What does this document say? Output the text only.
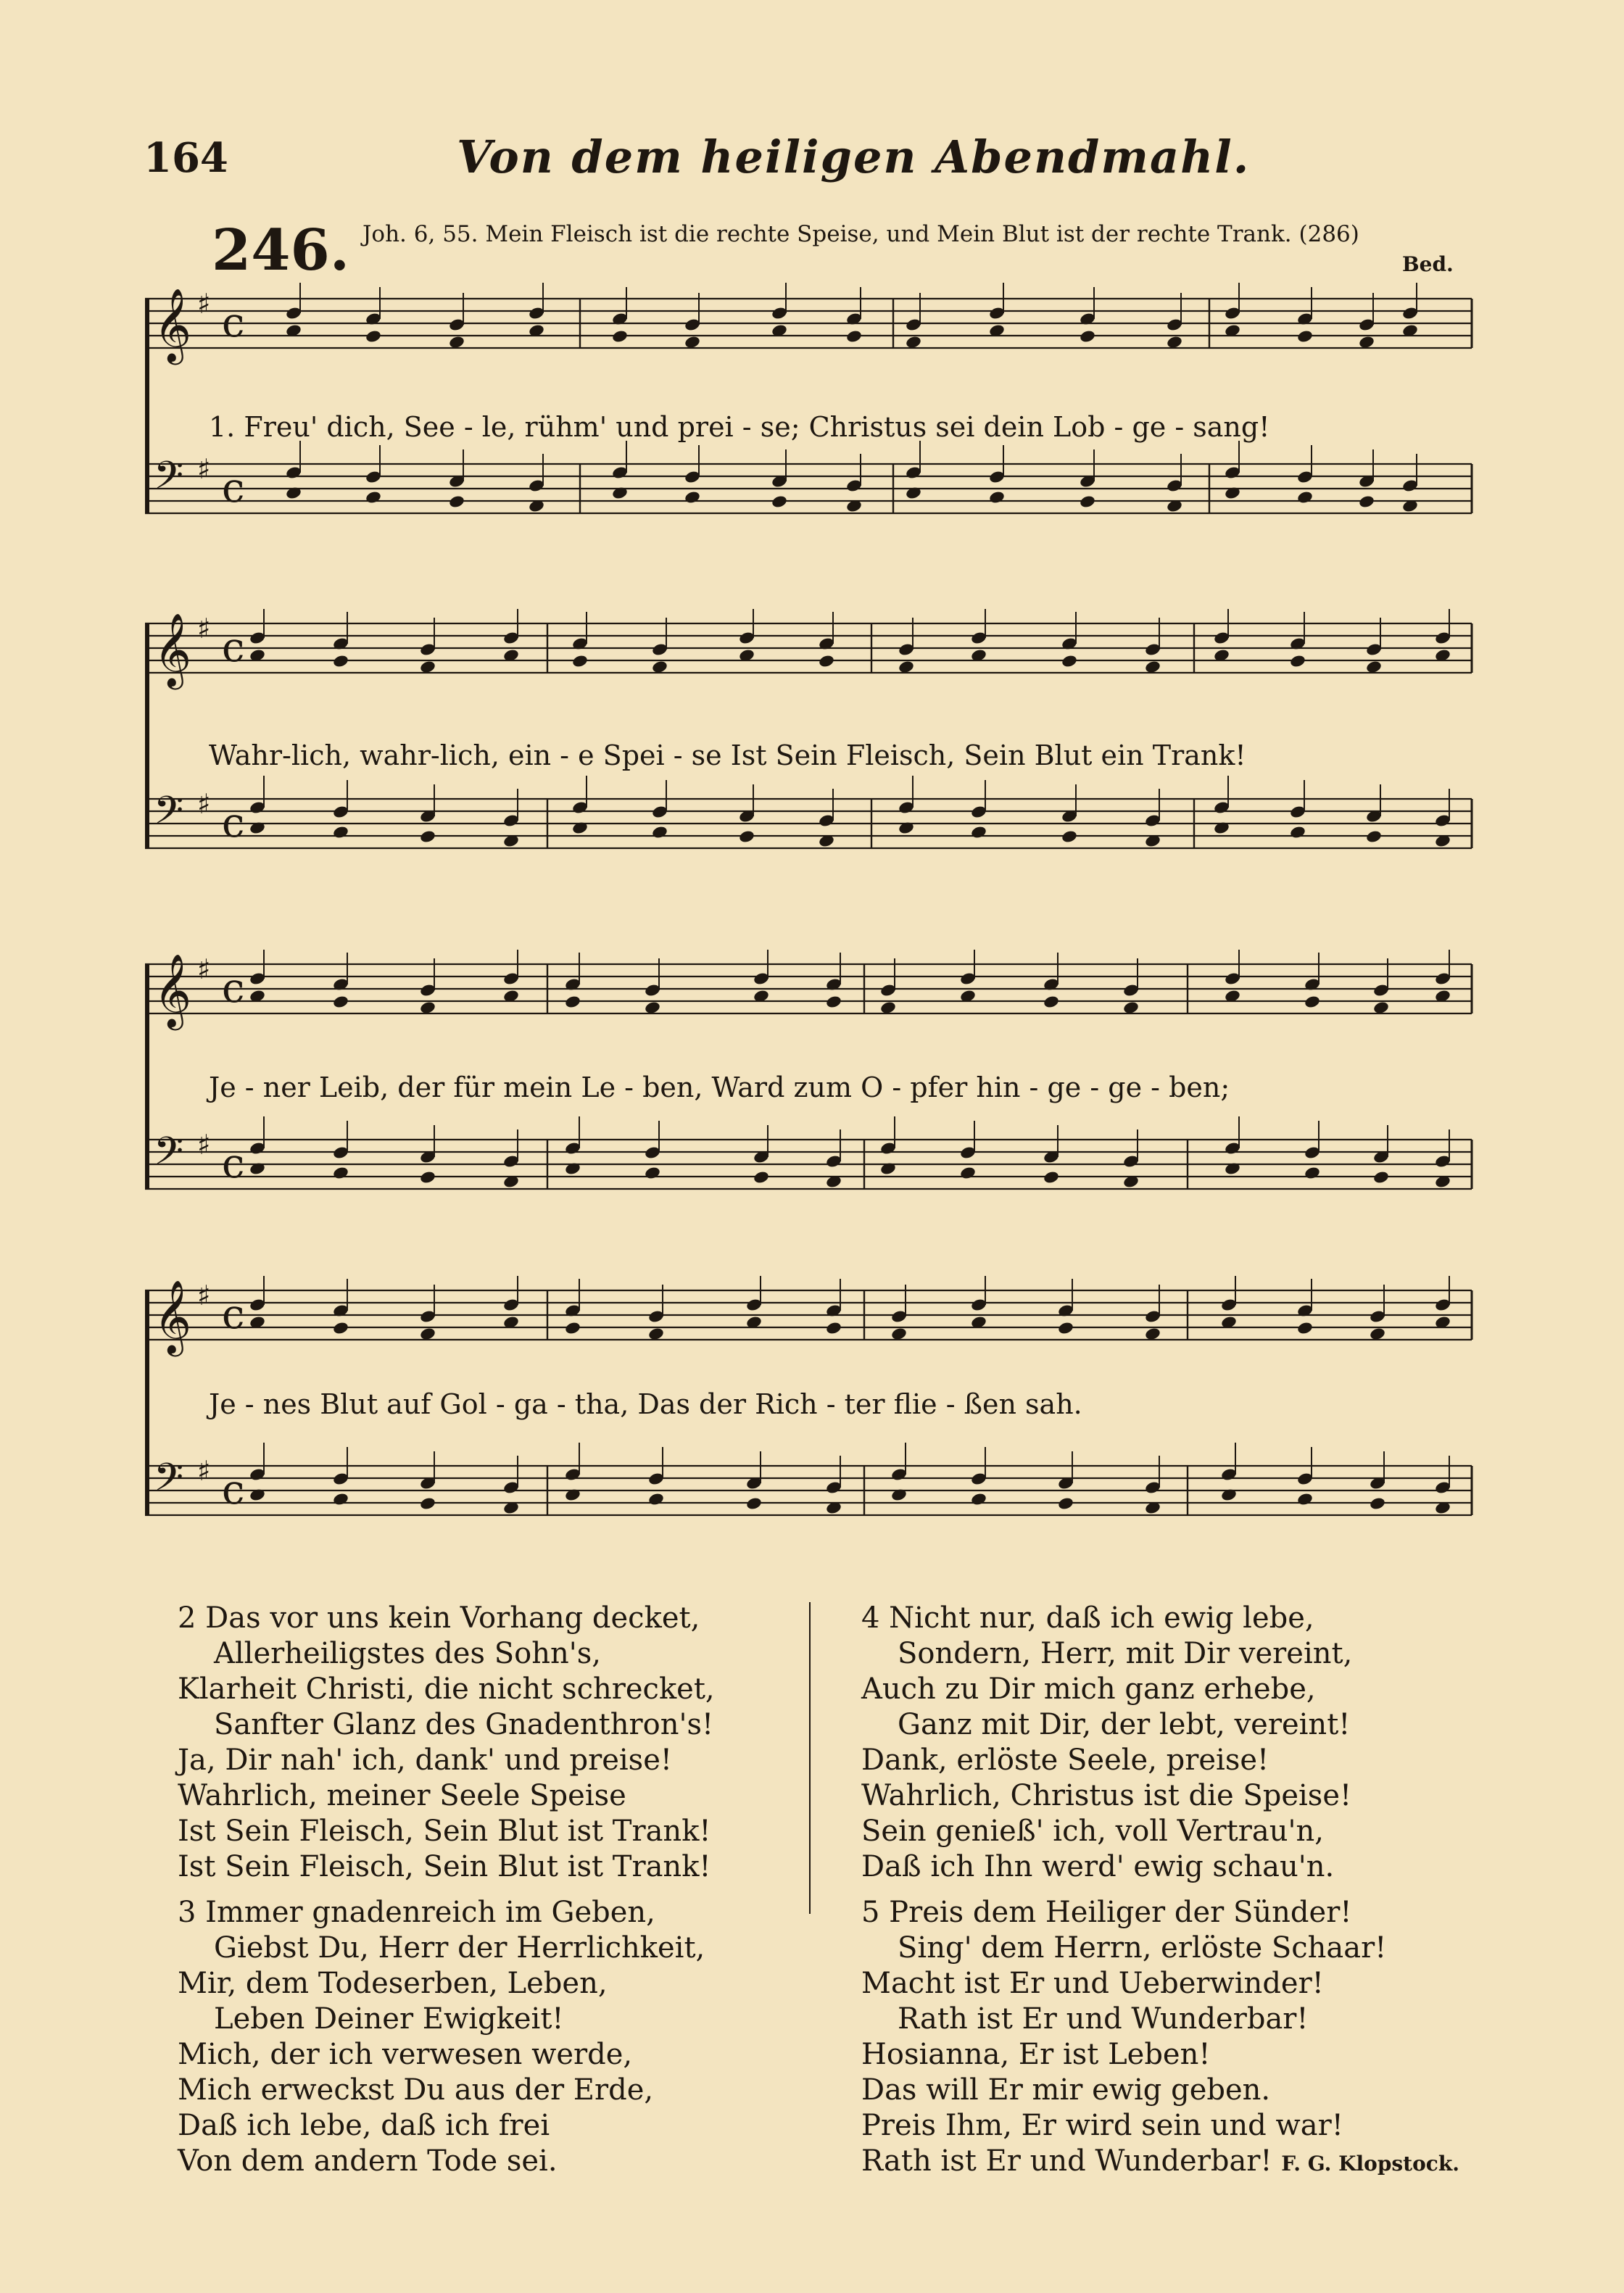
164	Von dem heiligen Abendmahl.
246. Joh. 6, 55. Mein Fleisch ist die rechte Speise, und Mein Blut ist der rechte Trank. (286)
Bed.
𝄞 ♯ c
𝄢 ♯ c
𝄞 ♯ c
𝄢 ♯ c
𝄞 ♯ c
𝄢 ♯ c
𝄞 ♯ c
𝄢 ♯ c
1. Freu' dich, See - le, rühm' und prei - se; Christus sei dein Lob - ge - sang!
Wahr-lich, wahr-lich, ein - e Spei - se Ist Sein Fleisch, Sein Blut ein Trank!
Je - ner Leib, der für mein Le - ben, Ward zum O - pfer hin - ge - ge - ben;
Je - nes Blut auf Gol - ga - tha, Das der Rich - ter flie - ßen sah.
2 Das vor uns kein Vorhang decket,
Allerheiligstes des Sohn's,
Klarheit Christi, die nicht schrecket,
Sanfter Glanz des Gnadenthron's!
Ja, Dir nah' ich, dank' und preise!
Wahrlich, meiner Seele Speise
Ist Sein Fleisch, Sein Blut ist Trank!
Ist Sein Fleisch, Sein Blut ist Trank!
3 Immer gnadenreich im Geben,
Giebst Du, Herr der Herrlichkeit,
Mir, dem Todeserben, Leben,
Leben Deiner Ewigkeit!
Mich, der ich verwesen werde,
Mich erweckst Du aus der Erde,
Daß ich lebe, daß ich frei
Von dem andern Tode sei.
4 Nicht nur, daß ich ewig lebe,
Sondern, Herr, mit Dir vereint,
Auch zu Dir mich ganz erhebe,
Ganz mit Dir, der lebt, vereint!
Dank, erlöste Seele, preise!
Wahrlich, Christus ist die Speise!
Sein genieß' ich, voll Vertrau'n,
Daß ich Ihn werd' ewig schau'n.
5 Preis dem Heiliger der Sünder!
Sing' dem Herrn, erlöste Schaar!
Macht ist Er und Ueberwinder!
Rath ist Er und Wunderbar!
Hosianna, Er ist Leben!
Das will Er mir ewig geben.
Preis Ihm, Er wird sein und war!
Rath ist Er und Wunderbar! F. G. Klopstock.
